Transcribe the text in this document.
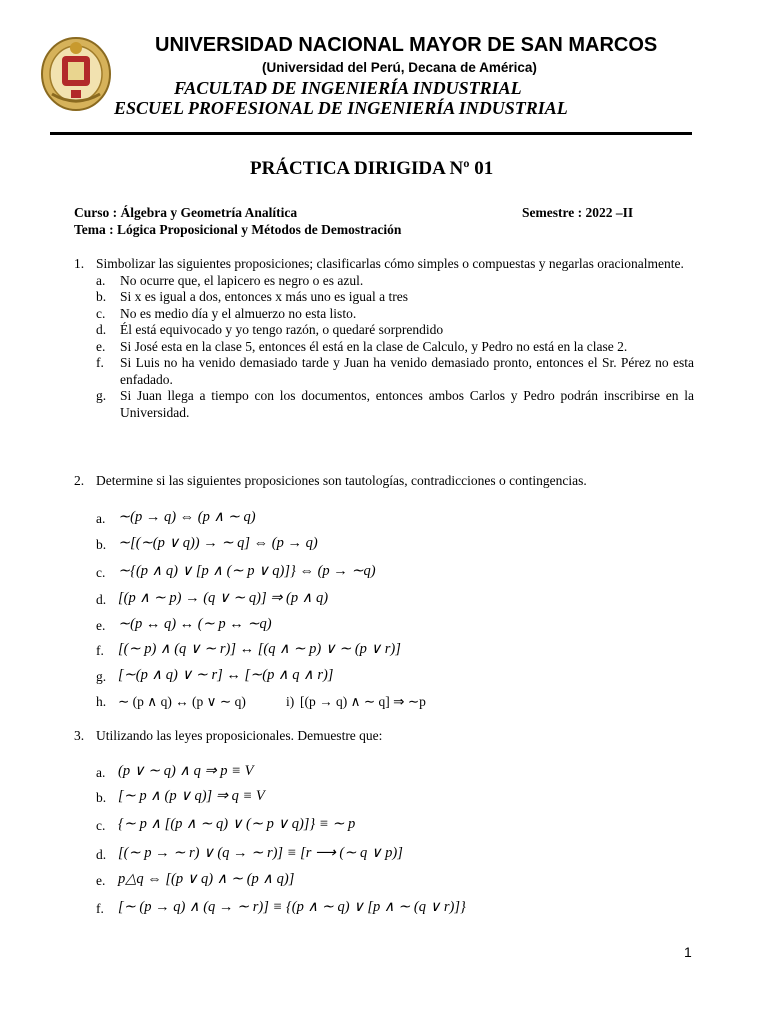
UNIVERSIDAD NACIONAL MAYOR DE SAN MARCOS
(Universidad del Perú, Decana de América)
FACULTAD DE INGENIERÍA INDUSTRIAL
ESCUEL PROFESIONAL DE INGENIERÍA INDUSTRIAL
PRÁCTICA DIRIGIDA Nº 01
Curso : Álgebra y Geometría Analítica	Semestre : 2022 –II
Tema : Lógica Proposicional y Métodos de Demostración
1. Simbolizar las siguientes proposiciones; clasificarlas cómo simples o compuestas y negarlas oracionalmente.
a. No ocurre que, el lapicero es negro o es azul.
b. Si x es igual a dos, entonces x más uno es igual a tres
c. No es medio día y el almuerzo no esta listo.
d. Él está equivocado y yo tengo razón, o quedaré sorprendido
e. Si José esta en la clase 5, entonces él está en la clase de Calculo, y Pedro no está en la clase 2.
f. Si Luis no ha venido demasiado tarde y Juan ha venido demasiado pronto, entonces el Sr. Pérez no esta enfadado.
g. Si Juan llega a tiempo con los documentos, entonces ambos Carlos y Pedro podrán inscribirse en la Universidad.
2. Determine si las siguientes proposiciones son tautologías, contradicciones o contingencias.
a. ∼(p → q) ⇔ (p ∧ ∼ q)
b. ∼[(∼(p ∨ q)) → ∼ q] ⇔ (p → q)
c. ∼{(p ∧ q) ∨ [p ∧ (∼ p ∨ q)]} ⇔ (p → ∼q)
d. [(p ∧ ∼ p) → (q ∨ ∼ q)] ⇒ (p ∧ q)
e. ∼(p ↔ q) ↔ (∼ p ↔ ∼q)
f. [(∼ p) ∧ (q ∨ ∼ r)] ↔ [(q ∧ ∼ p) ∨ ∼ (p ∨ r)]
g. [∼(p ∧ q) ∨ ∼ r] ↔ [∼(p ∧ q ∧ r)]
h. ∼ (p ∧ q) ↔ (p ∨ ∼ q)	i) [(p → q) ∧ ∼ q] ⇒ ∼p
3. Utilizando las leyes proposicionales. Demuestre que:
a. (p ∨ ∼ q) ∧ q ⇒ p ≡ V
b. [∼ p ∧ (p ∨ q)] ⇒ q ≡ V
c. {∼ p ∧ [(p ∧ ∼ q) ∨ (∼ p ∨ q)]} ≡ ∼ p
d. [(∼ p → ∼ r) ∨ (q → ∼ r)] ≡ [r ⟶ (∼ q ∨ p)]
e. p△q ⇔ [(p ∨ q) ∧ ∼ (p ∧ q)]
f. [∼ (p → q) ∧ (q → ∼ r)] ≡ {(p ∧ ∼ q) ∨ [p ∧ ∼ (q ∨ r)]}
1
